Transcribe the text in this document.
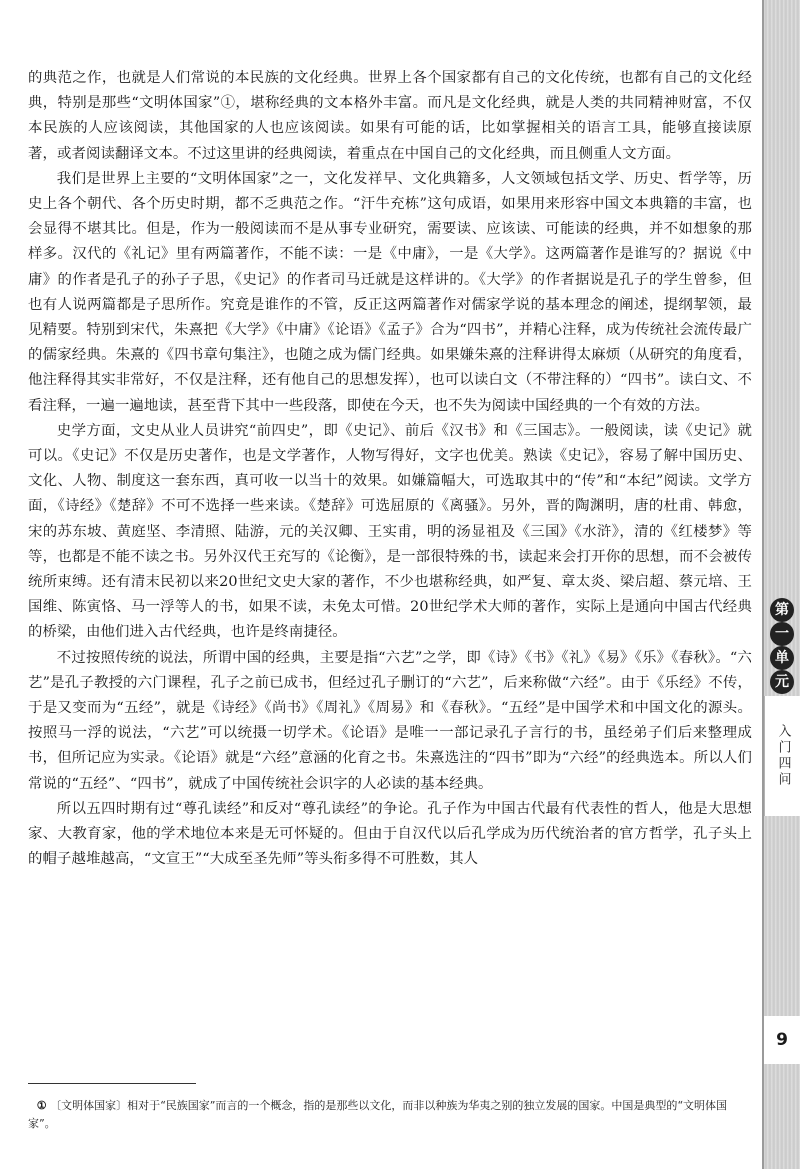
的典范之作，也就是人们常说的本民族的文化经典。世界上各个国家都有自己的文化传统，也都有自己的文化经典，特别是那些“文明体国家”①，堪称经典的文本格外丰富。而凡是文化经典，就是人类的共同精神财富，不仅本民族的人应该阅读，其他国家的人也应该阅读。如果有可能的话，比如掌握相关的语言工具，能够直接读原著，或者阅读翻译文本。不过这里讲的经典阅读，着重点在中国自己的文化经典，而且侧重人文方面。

我们是世界上主要的“文明体国家”之一，文化发祥早、文化典籍多，人文领域包括文学、历史、哲学等，历史上各个朝代、各个历史时期，都不乏典范之作。“汗牛充栋”这句成语，如果用来形容中国文本典籍的丰富，也会显得不堪其比。但是，作为一般阅读而不是从事专业研究，需要读、应该读、可能读的经典，并不如想象的那样多。汉代的《礼记》里有两篇著作，不能不读：一是《中庸》，一是《大学》。这两篇著作是谁写的？据说《中庸》的作者是孔子的孙子子思，《史记》的作者司马迁就是这样讲的。《大学》的作者据说是孔子的学生曾参，但也有人说两篇都是子思所作。究竟是谁作的不管，反正这两篇著作对儒家学说的基本理念的阐述，提纲挈领，最见精要。特别到宋代，朱熹把《大学》《中庸》《论语》《孟子》合为“四书”，并精心注释，成为传统社会流传最广的儒家经典。朱熹的《四书章句集注》，也随之成为儒门经典。如果嫌朱熹的注释讲得太麻烦（从研究的角度看，他注释得其实非常好，不仅是注释，还有他自己的思想发挥），也可以读白文（不带注释的）“四书”。读白文、不看注释，一遍一遍地读，甚至背下其中一些段落，即使在今天，也不失为阅读中国经典的一个有效的方法。

史学方面，文史从业人员讲究“前四史”，即《史记》、前后《汉书》和《三国志》。一般阅读，读《史记》就可以。《史记》不仅是历史著作，也是文学著作，人物写得好，文字也优美。熟读《史记》，容易了解中国历史、文化、人物、制度这一套东西，真可收一以当十的效果。如嫌篇幅大，可选取其中的“传”和“本纪”阅读。文学方面，《诗经》《楚辞》不可不选择一些来读。《楚辞》可选屈原的《离骚》。另外，晋的陶渊明，唐的杜甫、韩愈，宋的苏东坡、黄庭坚、李清照、陆游，元的关汉卿、王实甫，明的汤显祖及《三国》《水浒》，清的《红楼梦》等等，也都是不能不读之书。另外汉代王充写的《论衡》，是一部很特殊的书，读起来会打开你的思想，而不会被传统所束缚。还有清末民初以来20世纪文史大家的著作，不少也堪称经典，如严复、章太炎、梁启超、蔡元培、王国维、陈寅恪、马一浮等人的书，如果不读，未免太可惜。20世纪学术大师的著作，实际上是通向中国古代经典的桥梁，由他们进入古代经典，也许是终南捷径。

不过按照传统的说法，所谓中国的经典，主要是指“六艺”之学，即《诗》《书》《礼》《易》《乐》《春秋》。“六艺”是孔子教授的六门课程，孔子之前已成书，但经过孔子删订的“六艺”，后来称做“六经”。由于《乐经》不传，于是又变而为“五经”，就是《诗经》《尚书》《周礼》《周易》和《春秋》。“五经”是中国学术和中国文化的源头。按照马一浮的说法，“六艺”可以统摄一切学术。《论语》是唯一一部记录孔子言行的书，虽经弟子们后来整理成书，但所记应为实录。《论语》就是“六经”意涵的化育之书。朱熹选注的“四书”即为“六经”的经典选本。所以人们常说的“五经”、“四书”，就成了中国传统社会识字的人必读的基本经典。

所以五四时期有过“尊孔读经”和反对“尊孔读经”的争论。孔子作为中国古代最有代表性的哲人，他是大思想家、大教育家，他的学术地位本来是无可怀疑的。但由于自汉代以后孔学成为历代统治者的官方哲学，孔子头上的帽子越堆越高，“文宣王”“大成至圣先师”等头衔多得不可胜数，其人

① 〔文明体国家〕相对于“民族国家”而言的一个概念，指的是那些以文化，而非以种族为华夷之别的独立发展的国家。中国是典型的“文明体国家”。

第
一
单
元
入门四问
9
